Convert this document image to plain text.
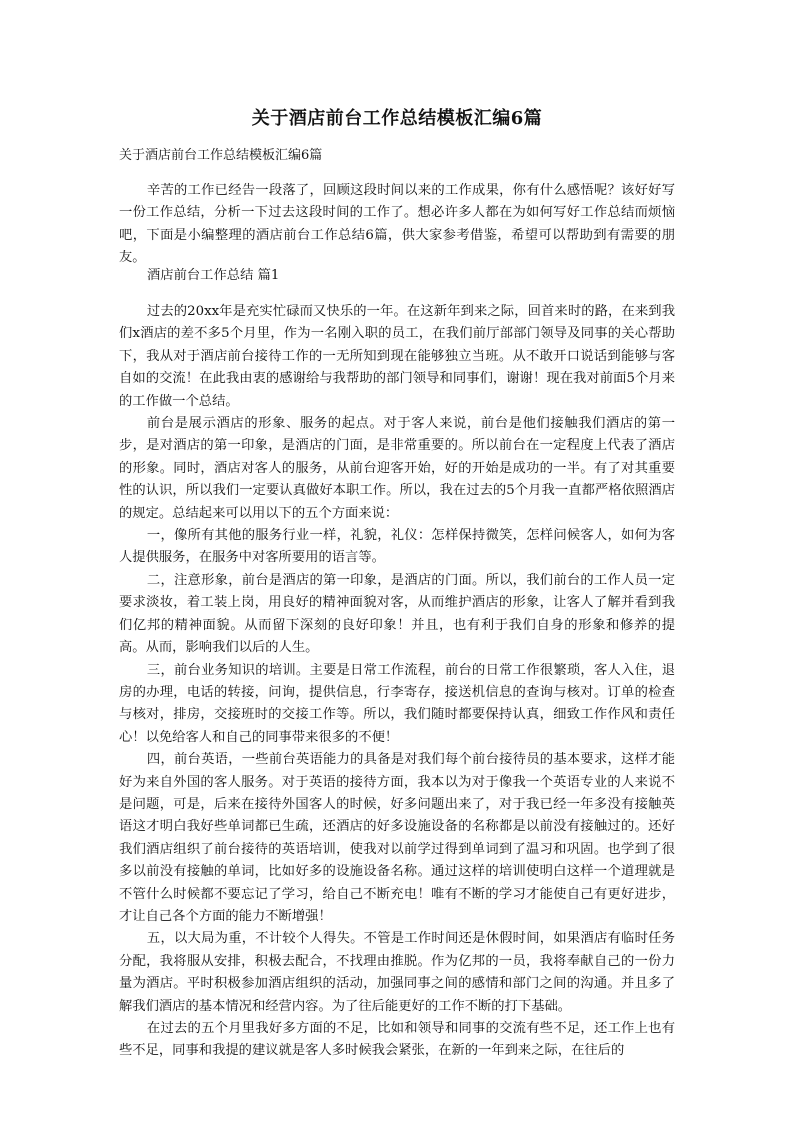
关于酒店前台工作总结模板汇编6篇
关于酒店前台工作总结模板汇编6篇

辛苦的工作已经告一段落了，回顾这段时间以来的工作成果，你有什么感悟呢？该好好写一份工作总结，分析一下过去这段时间的工作了。想必许多人都在为如何写好工作总结而烦恼吧，下面是小编整理的酒店前台工作总结6篇，供大家参考借鉴，希望可以帮助到有需要的朋友。

酒店前台工作总结 篇1

过去的20xx年是充实忙碌而又快乐的一年。在这新年到来之际，回首来时的路，在来到我们x酒店的差不多5个月里，作为一名刚入职的员工，在我们前厅部部门领导及同事的关心帮助下，我从对于酒店前台接待工作的一无所知到现在能够独立当班。从不敢开口说话到能够与客自如的交流！在此我由衷的感谢给与我帮助的部门领导和同事们，谢谢！现在我对前面5个月来的工作做一个总结。

前台是展示酒店的形象、服务的起点。对于客人来说，前台是他们接触我们酒店的第一步，是对酒店的第一印象，是酒店的门面，是非常重要的。所以前台在一定程度上代表了酒店的形象。同时，酒店对客人的服务，从前台迎客开始，好的开始是成功的一半。有了对其重要性的认识，所以我们一定要认真做好本职工作。所以，我在过去的5个月我一直都严格依照酒店的规定。总结起来可以用以下的五个方面来说：

一，像所有其他的服务行业一样，礼貌，礼仪：怎样保持微笑，怎样问候客人，如何为客人提供服务，在服务中对客所要用的语言等。

二，注意形象，前台是酒店的第一印象，是酒店的门面。所以，我们前台的工作人员一定要求淡妆，着工装上岗，用良好的精神面貌对客，从而维护酒店的形象，让客人了解并看到我们亿邦的精神面貌。从而留下深刻的良好印象！并且，也有利于我们自身的形象和修养的提高。从而，影响我们以后的人生。

三，前台业务知识的培训。主要是日常工作流程，前台的日常工作很繁琐，客人入住，退房的办理，电话的转接，问询，提供信息，行李寄存，接送机信息的查询与核对。订单的检查与核对，排房，交接班时的交接工作等。所以，我们随时都要保持认真，细致工作作风和责任心！以免给客人和自己的同事带来很多的不便！

四，前台英语，一些前台英语能力的具备是对我们每个前台接待员的基本要求，这样才能好为来自外国的客人服务。对于英语的接待方面，我本以为对于像我一个英语专业的人来说不是问题，可是，后来在接待外国客人的时候，好多问题出来了，对于我已经一年多没有接触英语这才明白我好些单词都已生疏，还酒店的好多设施设备的名称都是以前没有接触过的。还好我们酒店组织了前台接待的英语培训，使我对以前学过得到单词到了温习和巩固。也学到了很多以前没有接触的单词，比如好多的设施设备名称。通过这样的培训使明白这样一个道理就是不管什么时候都不要忘记了学习，给自己不断充电！唯有不断的学习才能使自己有更好进步，才让自己各个方面的能力不断增强！

五，以大局为重，不计较个人得失。不管是工作时间还是休假时间，如果酒店有临时任务分配，我将服从安排，积极去配合，不找理由推脱。作为亿邦的一员，我将奉献自己的一份力量为酒店。平时积极参加酒店组织的活动，加强同事之间的感情和部门之间的沟通。并且多了解我们酒店的基本情况和经营内容。为了往后能更好的工作不断的打下基础。

在过去的五个月里我好多方面的不足，比如和领导和同事的交流有些不足，还工作上也有些不足，同事和我提的建议就是客人多时候我会紧张，在新的一年到来之际，在往后的
